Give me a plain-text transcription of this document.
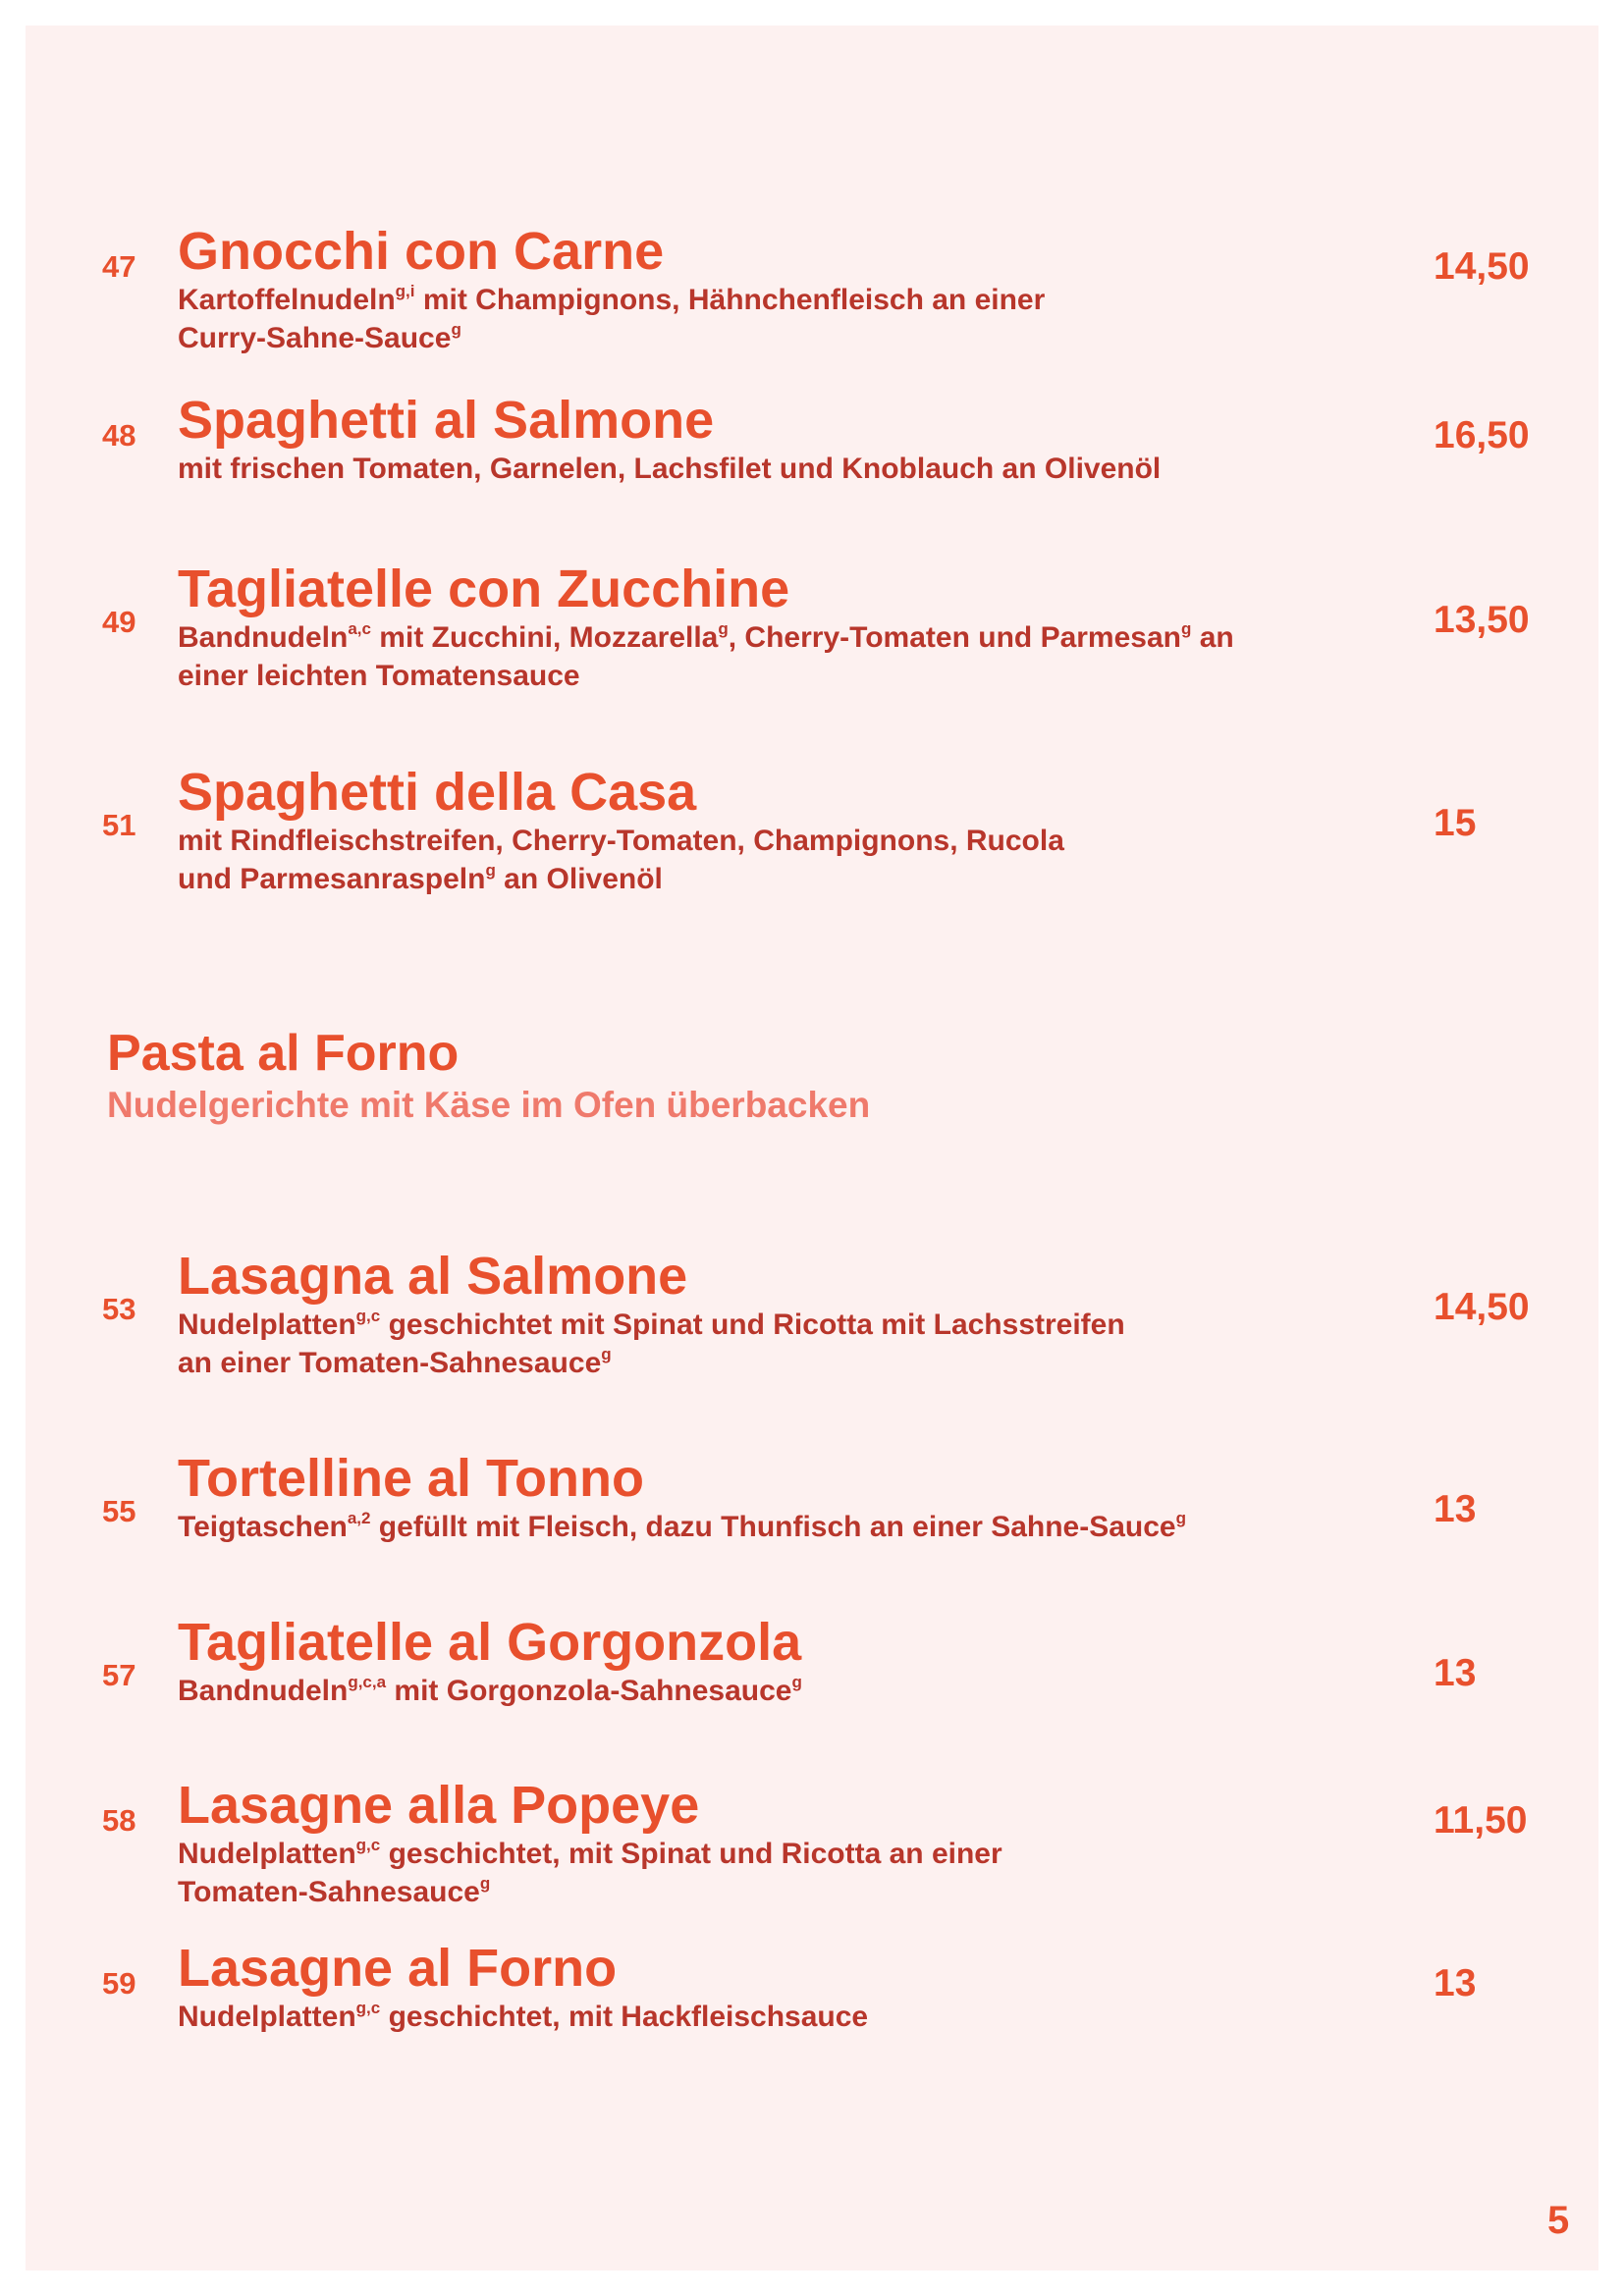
47 Gnocchi con Carne
Kartoffelnudeln$^{g,i}$ mit Champignons, Hähnchenfleisch an einer
Curry-Sahne-Sauce$^g$
14,50
48 Spaghetti al Salmone
mit frischen Tomaten, Garnelen, Lachsfilet und Knoblauch an Olivenöl
16,50
49
Tagliatelle con Zucchine
Bandnudeln$^{a,c}$ mit Zucchini, Mozzarella$^g$, Cherry-Tomaten und Parmesan$^g$ an
einer leichten Tomatensauce
13,50
51
Spaghetti della Casa
mit Rindfleischstreifen, Cherry-Tomaten, Champignons, Rucola
und Parmesanraspeln$^g$ an Olivenöl
15
Pasta al Forno
Nudelgerichte mit Käse im Ofen überbacken
53
Lasagna al Salmone
Nudelplatten$^{g,c}$ geschichtet mit Spinat und Ricotta mit Lachsstreifen
an einer Tomaten-Sahnesauce$^g$
14,50
55
Tortelline al Tonno
Teigtaschen$^{a,2}$ gefüllt mit Fleisch, dazu Thunfisch an einer Sahne-Sauce$^g$	13
57
Tagliatelle al Gorgonzola
Bandnudeln$^{g,c,a}$ mit Gorgonzola-Sahnesauce$^g$	13
58 Lasagne alla Popeye
Nudelplatten$^{g,c}$ geschichtet, mit Spinat und Ricotta an einer
Tomaten-Sahnesauce$^g$
11,50
59 Lasagne al Forno
Nudelplatten$^{g,c}$ geschichtet, mit Hackfleischsauce
13
5
